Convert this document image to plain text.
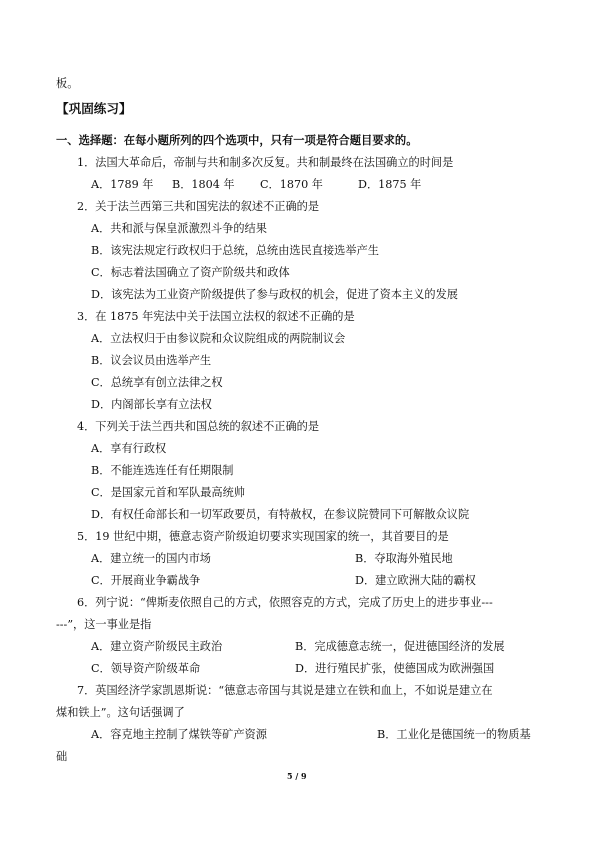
板。
【巩固练习】
一、选择题：在每小题所列的四个选项中，只有一项是符合题目要求的。
1．法国大革命后，帝制与共和制多次反复。共和制最终在法国确立的时间是
A．1789 年 B．1804 年 C．1870 年	D．1875 年
2．关于法兰西第三共和国宪法的叙述不正确的是
A．共和派与保皇派激烈斗争的结果
B．该宪法规定行政权归于总统，总统由选民直接选举产生
C．标志着法国确立了资产阶级共和政体
D．该宪法为工业资产阶级提供了参与政权的机会，促进了资本主义的发展
3．在 1875 年宪法中关于法国立法权的叙述不正确的是
A．立法权归于由参议院和众议院组成的两院制议会
B．议会议员由选举产生
C．总统享有创立法律之权
D．内阁部长享有立法权
4．下列关于法兰西共和国总统的叙述不正确的是
A．享有行政权
B．不能连选连任有任期限制
C．是国家元首和军队最高统帅
D．有权任命部长和一切军政要员，有特赦权，在参议院赞同下可解散众议院
5．19 世纪中期，德意志资产阶级迫切要求实现国家的统一，其首要目的是
A．建立统一的国内市场	B．夺取海外殖民地
C．开展商业争霸战争	D．建立欧洲大陆的霸权
6．列宁说：“俾斯麦依照自己的方式，依照容克的方式，完成了历史上的进步事业---
---”，这一事业是指
A．建立资产阶级民主政治	B．完成德意志统一，促进德国经济的发展
C．领导资产阶级革命	D．进行殖民扩张，使德国成为欧洲强国
7．英国经济学家凯恩斯说：“德意志帝国与其说是建立在铁和血上，不如说是建立在
煤和铁上”。这句话强调了
A．容克地主控制了煤铁等矿产资源	B．工业化是德国统一的物质基
础
5 / 9
